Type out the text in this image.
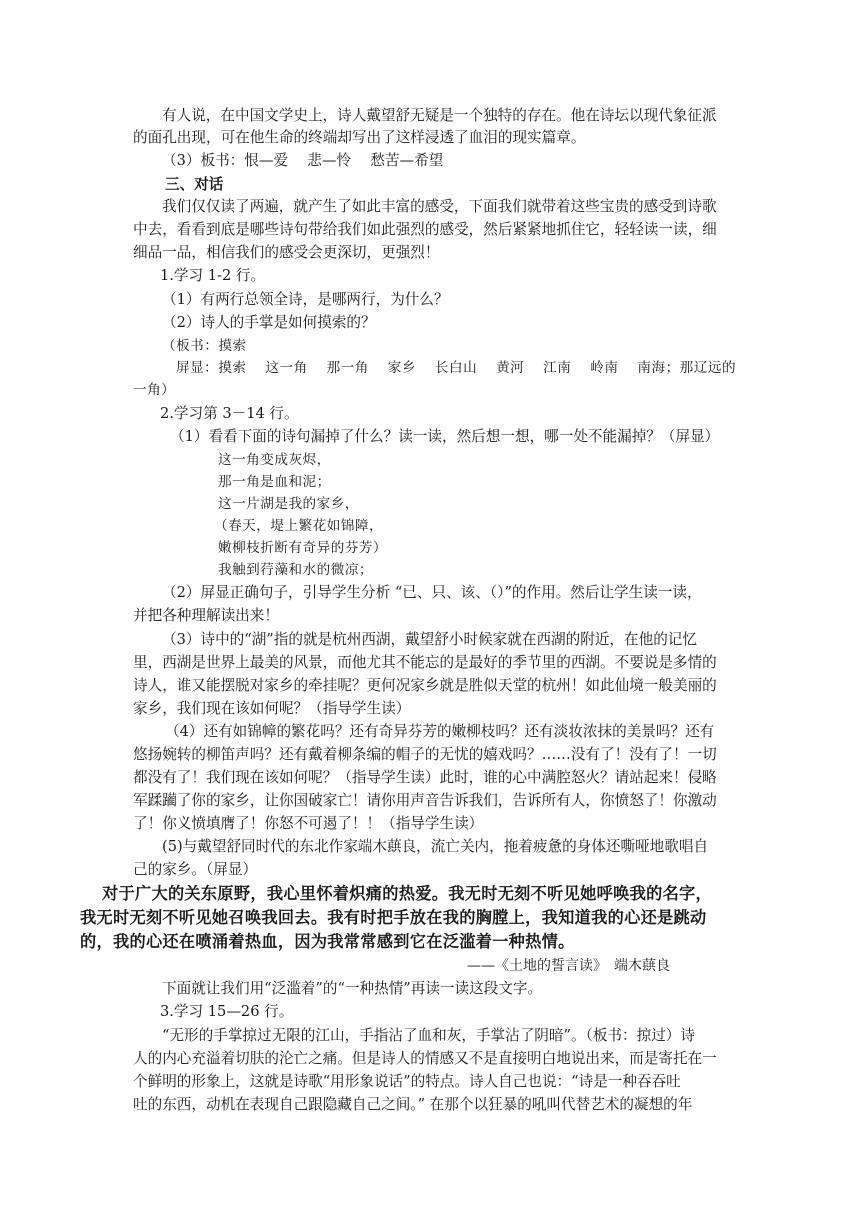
有人说，在中国文学史上，诗人戴望舒无疑是一个独特的存在。他在诗坛以现代象征派
的面孔出现，可在他生命的终端却写出了这样浸透了血泪的现实篇章。
（3）板书：恨—爱　 悲—怜　 愁苦—希望
三、对话
我们仅仅读了两遍，就产生了如此丰富的感受，下面我们就带着这些宝贵的感受到诗歌
中去，看看到底是哪些诗句带给我们如此强烈的感受，然后紧紧地抓住它，轻轻读一读，细
细品一品，相信我们的感受会更深切，更强烈！
1.学习 1-2 行。
（1）有两行总领全诗，是哪两行，为什么？
（2）诗人的手掌是如何摸索的？
（板书：摸索
屏显：摸索　 这一角　 那一角　 家乡　 长白山　 黄河　 江南　 岭南　 南海；那辽远的
一角）
2.学习第 3－14 行。
（1）看看下面的诗句漏掉了什么？读一读，然后想一想，哪一处不能漏掉？（屏显）
这一角变成灰烬，
那一角是血和泥；
这一片湖是我的家乡，
（春天，堤上繁花如锦障，
嫩柳枝折断有奇异的芬芳）
我触到荇藻和水的微凉；
（2）屏显正确句子，引导学生分析 “已、只、该、（）”的作用。然后让学生读一读，
并把各种理解读出来！
（3）诗中的“湖”指的就是杭州西湖，戴望舒小时候家就在西湖的附近，在他的记忆
里，西湖是世界上最美的风景，而他尤其不能忘的是最好的季节里的西湖。不要说是多情的
诗人，谁又能摆脱对家乡的牵挂呢？更何况家乡就是胜似天堂的杭州！如此仙境一般美丽的
家乡，我们现在该如何呢？（指导学生读）
（4）还有如锦幛的繁花吗？还有奇异芬芳的嫩柳枝吗？还有淡妆浓抹的美景吗？还有
悠扬婉转的柳笛声吗？还有戴着柳条编的帽子的无忧的嬉戏吗？……没有了！没有了！一切
都没有了！我们现在该如何呢？（指导学生读）此时，谁的心中满腔怒火？请站起来！侵略
军蹂躏了你的家乡，让你国破家亡！请你用声音告诉我们，告诉所有人，你愤怒了！你激动
了！你义愤填膺了！你怒不可遏了！！（指导学生读）
(5)与戴望舒同时代的东北作家端木蕻良，流亡关内，拖着疲惫的身体还嘶哑地歌唱自
己的家乡。（屏显）
对于广大的关东原野，我心里怀着炽痛的热爱。我无时无刻不听见她呼唤我的名字，
我无时无刻不听见她召唤我回去。我有时把手放在我的胸膛上，我知道我的心还是跳动
的，我的心还在喷涌着热血，因为我常常感到它在泛滥着一种热情。
——《土地的誓言读》　端木蕻良
下面就让我们用“泛滥着”的“一种热情”再读一读这段文字。
3.学习 15—26 行。
“无形的手掌掠过无限的江山，手指沾了血和灰，手掌沾了阴暗”。（板书：掠过）诗
人的内心充溢着切肤的沦亡之痛。但是诗人的情感又不是直接明白地说出来，而是寄托在一
个鲜明的形象上，这就是诗歌“用形象说话”的特点。诗人自己也说：“诗是一种吞吞吐
吐的东西，动机在表现自己跟隐藏自己之间。” 在那个以狂暴的吼叫代替艺术的凝想的年
